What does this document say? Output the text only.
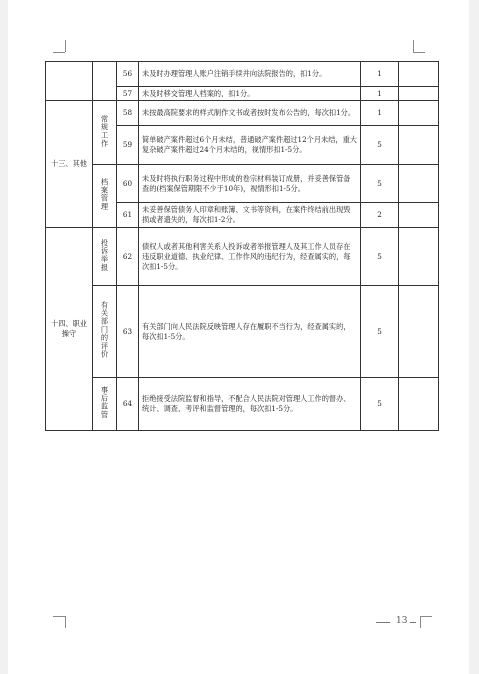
		56	未及时办理管理人账户注销手续并向法院报告的，扣1分。	1	
		57	未及时移交管理人档案的，扣1分。	1	
十三、其他	常规工作	58	未按最高院要求的样式制作文书或者按时发布公告的，每次扣1分。	1	
		59	简单破产案件超过6个月未结，普通破产案件超过12个月未结，重大复杂破产案件超过24个月未结的，视情形扣1-5分。	5	
	档案管理	60	未及时将执行职务过程中形成的卷宗材料装订成册，并妥善保管备查的(档案保管期限不少于10年)，视情形扣1-5分。	5	
		61	未妥善保管债务人印章和账簿、文书等资料，在案件终结前出现毁损或者遗失的，每次扣1-2分。	2	
十四、职业操守	投诉举报	62	债权人或者其他利害关系人投诉或者举报管理人及其工作人员存在违反职业道德、执业纪律、工作作风的违纪行为，经查属实的，每次扣1-5分。	5	
	有关部门的评价	63	有关部门向人民法院反映管理人存在履职不当行为，经查属实的，每次扣1-5分。	5	
	事后监管	64	拒绝接受法院监督和指导，不配合人民法院对管理人工作的督办、统计、调查、考评和监督管理的，每次扣1-5分。	5	
13
